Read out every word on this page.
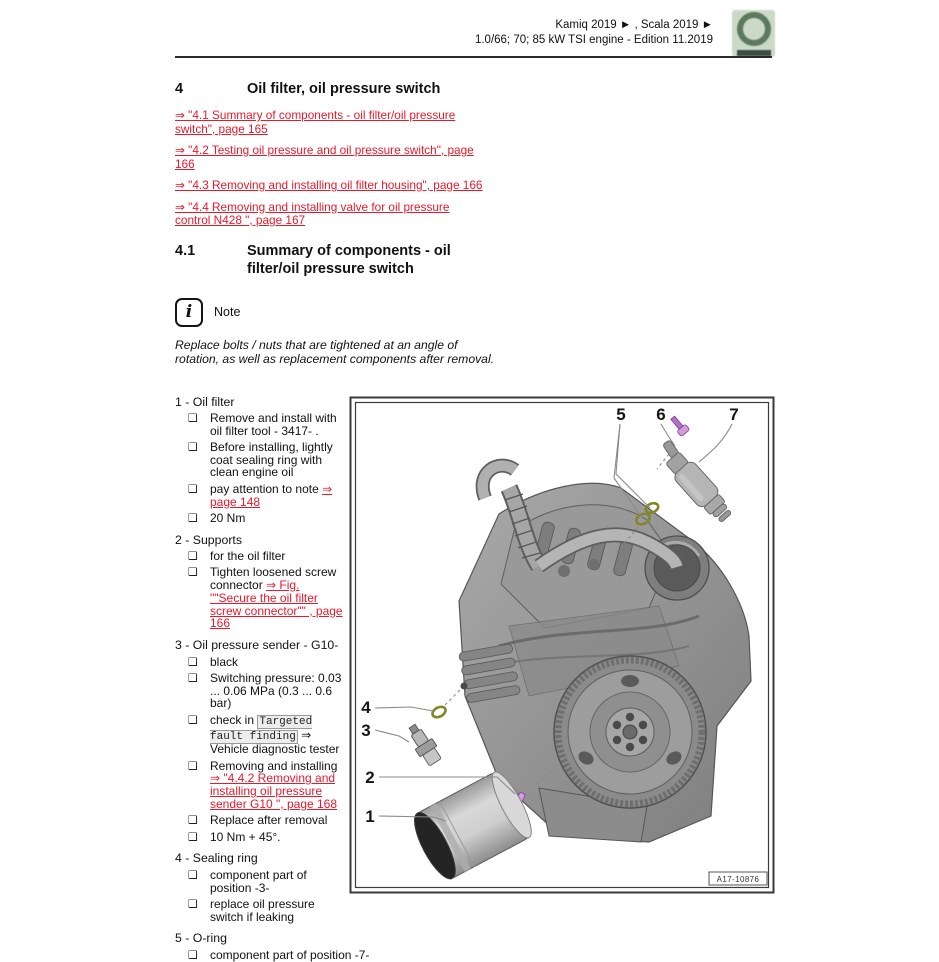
Kamiq 2019 ► , Scala 2019 ►
1.0/66; 70; 85 kW TSI engine - Edition 11.2019
4	Oil filter, oil pressure switch
⇒ "4.1 Summary of components - oil filter/oil pressure switch", page 165
⇒ "4.2 Testing oil pressure and oil pressure switch", page 166
⇒ "4.3 Removing and installing oil filter housing", page 166
⇒ "4.4 Removing and installing valve for oil pressure control N428 ", page 167
4.1	Summary of components - oil filter/oil pressure switch
i	Note

Replace bolts / nuts that are tightened at an angle of rotation, as well as replacement components after removal.

5 6	7
4
3
2
1
A17-10876
1 - Oil filter
❑	Remove and install with oil filter tool - 3417- .
❑	Before installing, lightly coat sealing ring with clean engine oil
❑	pay attention to note ⇒ page 148
❑	20 Nm
2 - Supports
❑	for the oil filter
❑	Tighten loosened screw connector ⇒ Fig. ""Secure the oil filter screw connector"" , page 166
3 - Oil pressure sender - G10-
❑	black
❑	Switching pressure: 0.03 ... 0.06 MPa (0.3 ... 0.6 bar)
❑	check in Targeted fault finding ⇒ Vehicle diagnostic tester
❑	Removing and installing ⇒ "4.4.2 Removing and installing oil pressure sender G10 ", page 168
❑	Replace after removal
❑	10 Nm + 45°.
4 - Sealing ring
❑	component part of position -3-
❑	replace oil pressure switch if leaking
5 - O-ring
❑	component part of position -7-
